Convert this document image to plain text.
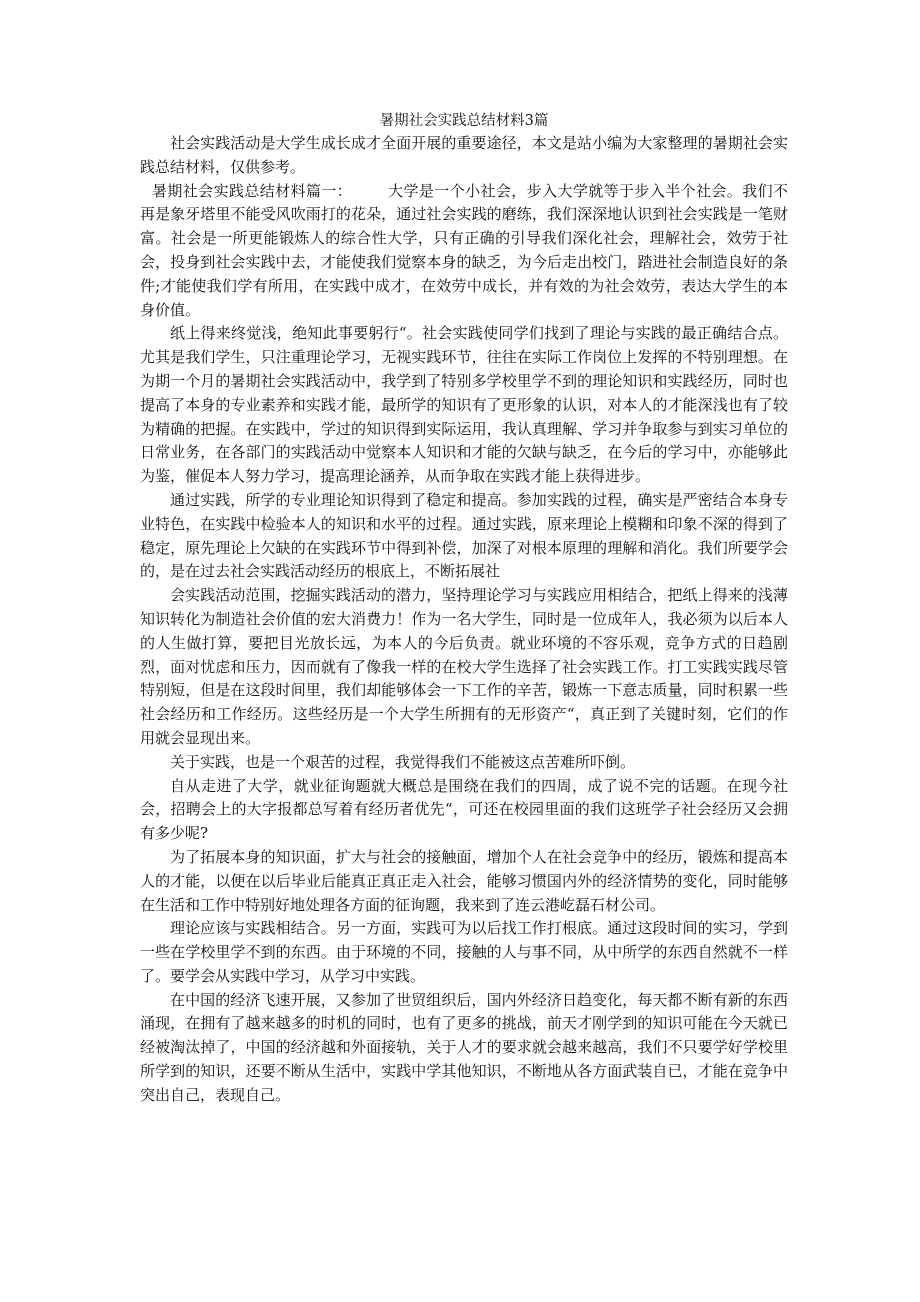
暑期社会实践总结材料3篇

社会实践活动是大学生成长成才全面开展的重要途径，本文是站小编为大家整理的暑期社会实践总结材料，仅供参考。

暑期社会实践总结材料篇一： 大学是一个小社会，步入大学就等于步入半个社会。我们不再是象牙塔里不能受风吹雨打的花朵，通过社会实践的磨练，我们深深地认识到社会实践是一笔财富。社会是一所更能锻炼人的综合性大学，只有正确的引导我们深化社会，理解社会，效劳于社会，投身到社会实践中去，才能使我们觉察本身的缺乏，为今后走出校门，踏进社会制造良好的条件;才能使我们学有所用，在实践中成才，在效劳中成长，并有效的为社会效劳，表达大学生的本身价值。

纸上得来终觉浅，绝知此事要躬行“。社会实践使同学们找到了理论与实践的最正确结合点。尤其是我们学生，只注重理论学习，无视实践环节，往往在实际工作岗位上发挥的不特别理想。在为期一个月的暑期社会实践活动中，我学到了特别多学校里学不到的理论知识和实践经历，同时也提高了本身的专业素养和实践才能，最所学的知识有了更形象的认识，对本人的才能深浅也有了较为精确的把握。在实践中，学过的知识得到实际运用，我认真理解、学习并争取参与到实习单位的日常业务，在各部门的实践活动中觉察本人知识和才能的欠缺与缺乏，在今后的学习中，亦能够此为鉴，催促本人努力学习，提高理论涵养，从而争取在实践才能上获得进步。

通过实践，所学的专业理论知识得到了稳定和提高。参加实践的过程，确实是严密结合本身专业特色，在实践中检验本人的知识和水平的过程。通过实践，原来理论上模糊和印象不深的得到了稳定，原先理论上欠缺的在实践环节中得到补偿，加深了对根本原理的理解和消化。我们所要学会的，是在过去社会实践活动经历的根底上，不断拓展社

会实践活动范围，挖掘实践活动的潜力，坚持理论学习与实践应用相结合，把纸上得来的浅薄知识转化为制造社会价值的宏大消费力！作为一名大学生，同时是一位成年人，我必须为以后本人的人生做打算，要把目光放长远，为本人的今后负责。就业环境的不容乐观，竞争方式的日趋剧烈，面对忧虑和压力，因而就有了像我一样的在校大学生选择了社会实践工作。打工实践实践尽管特别短，但是在这段时间里，我们却能够体会一下工作的辛苦，锻炼一下意志质量，同时积累一些社会经历和工作经历。这些经历是一个大学生所拥有的无形资产“，真正到了关键时刻，它们的作用就会显现出来。

关于实践，也是一个艰苦的过程，我觉得我们不能被这点苦难所吓倒。

自从走进了大学，就业征询题就大概总是围绕在我们的四周，成了说不完的话题。在现今社会，招聘会上的大字报都总写着有经历者优先“，可还在校园里面的我们这班学子社会经历又会拥有多少呢?

为了拓展本身的知识面，扩大与社会的接触面，增加个人在社会竞争中的经历，锻炼和提高本人的才能，以便在以后毕业后能真正真正走入社会，能够习惯国内外的经济情势的变化，同时能够在生活和工作中特别好地处理各方面的征询题，我来到了连云港屹磊石材公司。

理论应该与实践相结合。另一方面，实践可为以后找工作打根底。通过这段时间的实习，学到一些在学校里学不到的东西。由于环境的不同，接触的人与事不同，从中所学的东西自然就不一样了。要学会从实践中学习，从学习中实践。

在中国的经济飞速开展，又参加了世贸组织后，国内外经济日趋变化，每天都不断有新的东西涌现，在拥有了越来越多的时机的同时，也有了更多的挑战，前天才刚学到的知识可能在今天就已经被淘汰掉了，中国的经济越和外面接轨，关于人才的要求就会越来越高，我们不只要学好学校里所学到的知识，还要不断从生活中，实践中学其他知识，不断地从各方面武装自已，才能在竞争中突出自己，表现自己。
